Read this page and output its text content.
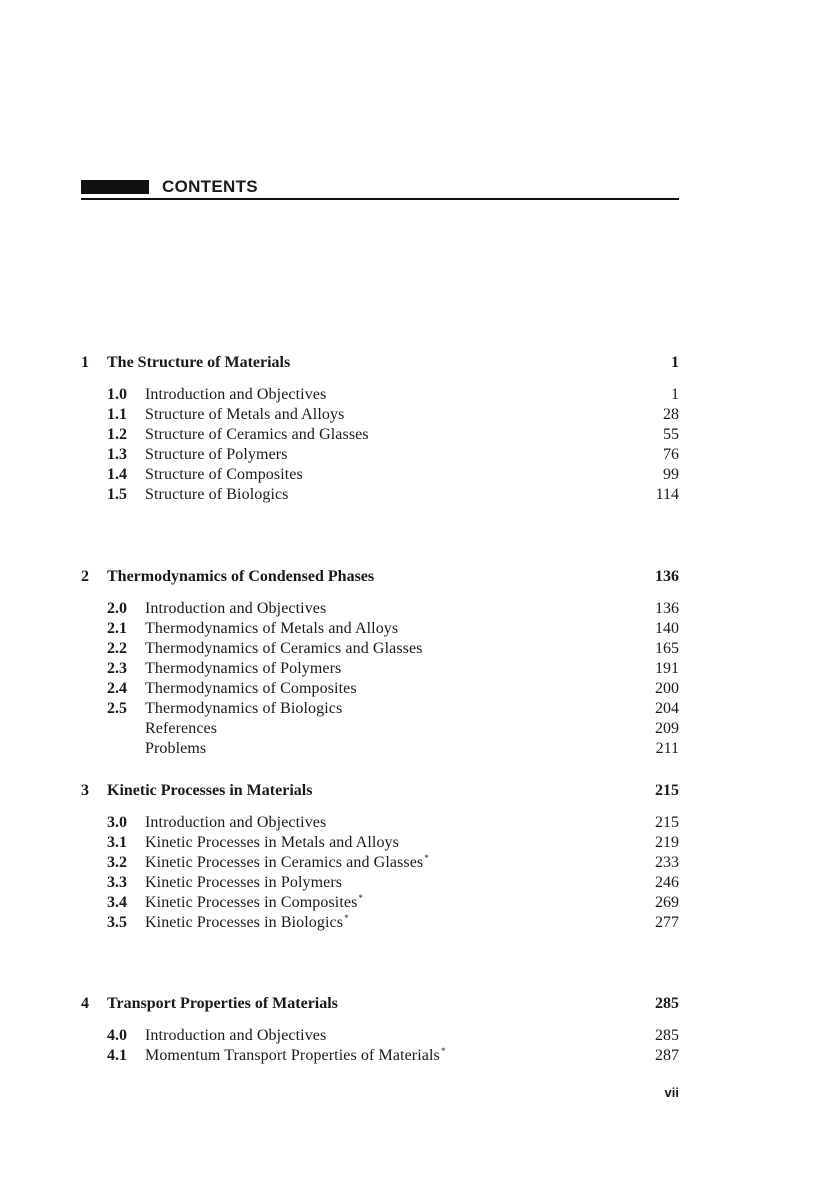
CONTENTS
1 The Structure of Materials	1
1.0 Introduction and Objectives	1
1.1 Structure of Metals and Alloys	28
1.2 Structure of Ceramics and Glasses	55
1.3 Structure of Polymers	76
1.4 Structure of Composites	99
1.5 Structure of Biologics	114
2 Thermodynamics of Condensed Phases	136
2.0 Introduction and Objectives	136
2.1 Thermodynamics of Metals and Alloys	140
2.2 Thermodynamics of Ceramics and Glasses	165
2.3 Thermodynamics of Polymers	191
2.4 Thermodynamics of Composites	200
2.5 Thermodynamics of Biologics	204
References	209
Problems	211
3 Kinetic Processes in Materials	215
3.0 Introduction and Objectives	215
3.1 Kinetic Processes in Metals and Alloys	219
3.2 Kinetic Processes in Ceramics and Glasses*	233
3.3 Kinetic Processes in Polymers	246
3.4 Kinetic Processes in Composites*	269
3.5 Kinetic Processes in Biologics*	277
4 Transport Properties of Materials	285
4.0 Introduction and Objectives	285
4.1 Momentum Transport Properties of Materials*	287
vii
